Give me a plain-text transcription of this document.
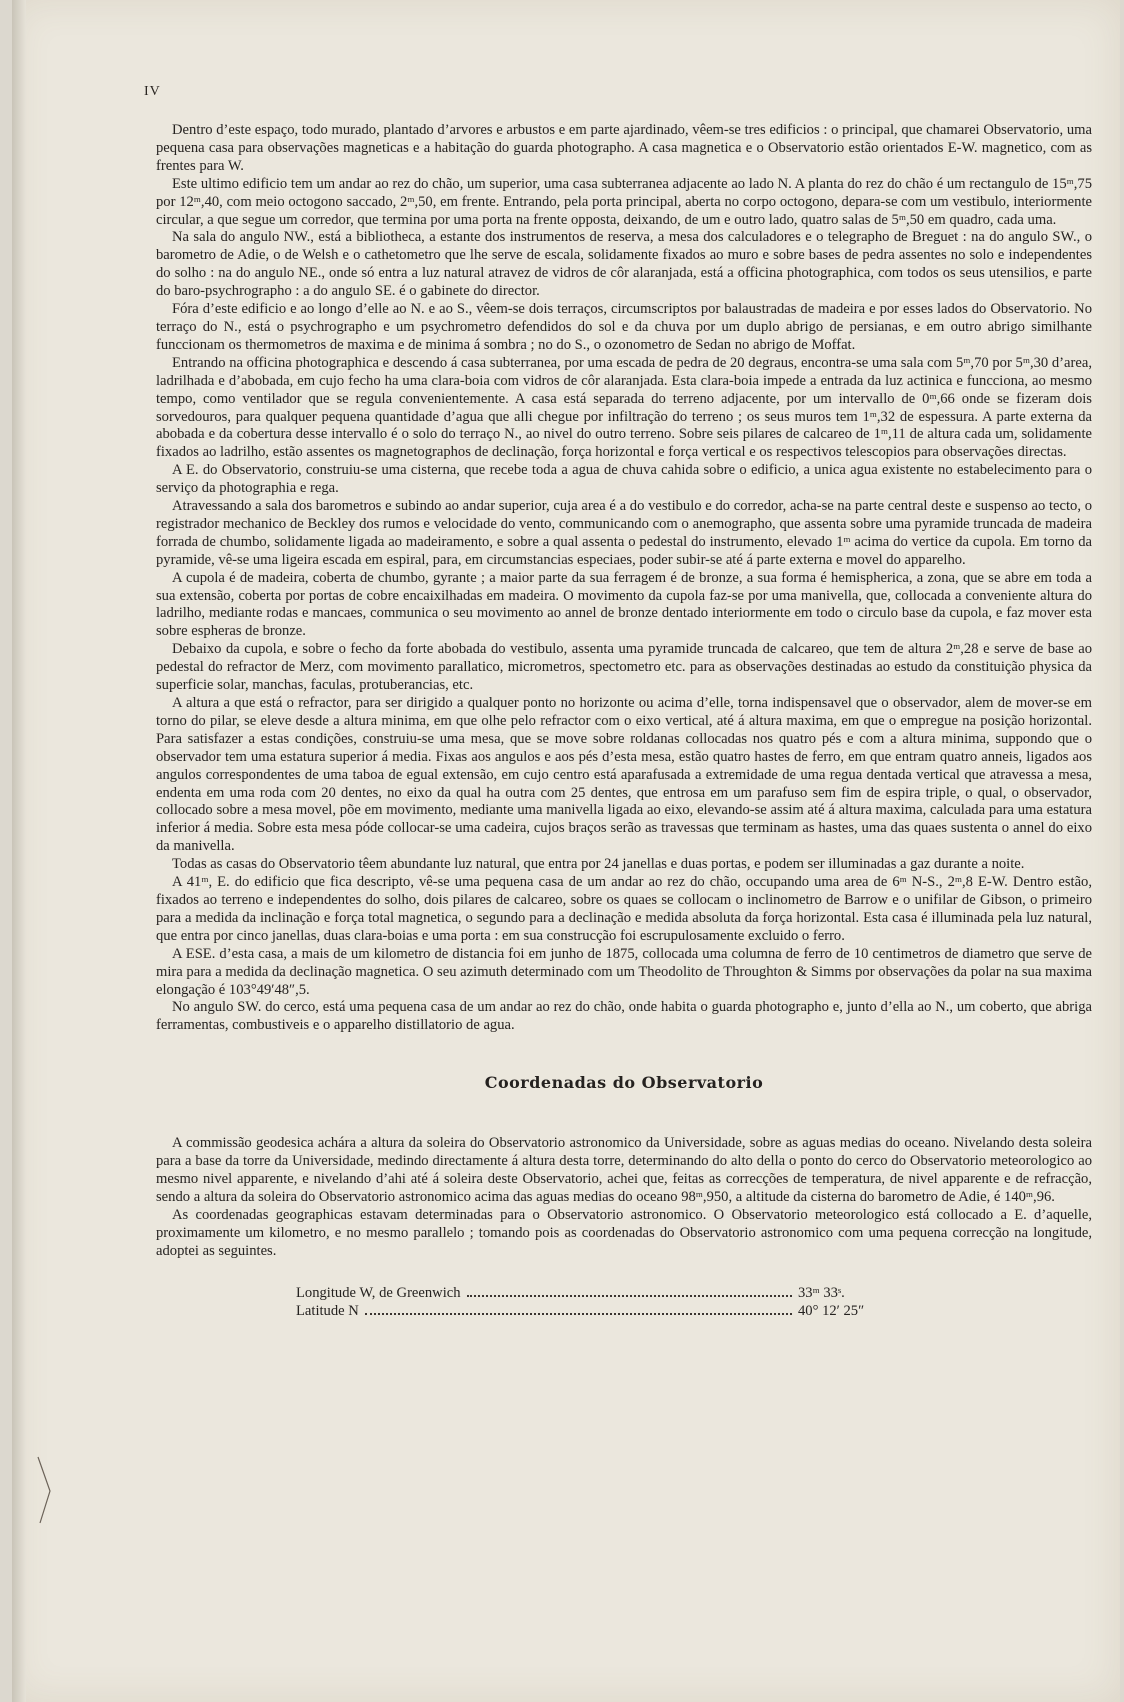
IV

Dentro d’este espaço, todo murado, plantado d’arvores e arbustos e em parte ajardinado, vêem-se tres edificios : o principal, que chamarei Observatorio, uma pequena casa para observações magneticas e a habitação do guarda photographo. A casa magnetica e o Observatorio estão orientados E-W. magnetico, com as frentes para W.

Este ultimo edificio tem um andar ao rez do chão, um superior, uma casa subterranea adjacente ao lado N. A planta do rez do chão é um rectangulo de 15ᵐ,75 por 12ᵐ,40, com meio octogono saccado, 2ᵐ,50, em frente. Entrando, pela porta principal, aberta no corpo octogono, depara-se com um vestibulo, interiormente circular, a que segue um corredor, que termina por uma porta na frente opposta, deixando, de um e outro lado, quatro salas de 5ᵐ,50 em quadro, cada uma.

Na sala do angulo NW., está a bibliotheca, a estante dos instrumentos de reserva, a mesa dos calculadores e o telegrapho de Breguet : na do angulo SW., o barometro de Adie, o de Welsh e o cathetometro que lhe serve de escala, solidamente fixados ao muro e sobre bases de pedra assentes no solo e independentes do solho : na do angulo NE., onde só entra a luz natural atravez de vidros de côr alaranjada, está a officina photographica, com todos os seus utensilios, e parte do baro-psychrographo : a do angulo SE. é o gabinete do director.

Fóra d’este edificio e ao longo d’elle ao N. e ao S., vêem-se dois terraços, circumscriptos por balaustradas de madeira e por esses lados do Observatorio. No terraço do N., está o psychrographo e um psychrometro defendidos do sol e da chuva por um duplo abrigo de persianas, e em outro abrigo similhante funccionam os thermometros de maxima e de minima á sombra ; no do S., o ozonometro de Sedan no abrigo de Moffat.

Entrando na officina photographica e descendo á casa subterranea, por uma escada de pedra de 20 degraus, encontra-se uma sala com 5ᵐ,70 por 5ᵐ,30 d’area, ladrilhada e d’abobada, em cujo fecho ha uma clara-boia com vidros de côr alaranjada. Esta clara-boia impede a entrada da luz actinica e funcciona, ao mesmo tempo, como ventilador que se regula convenientemente. A casa está separada do terreno adjacente, por um intervallo de 0ᵐ,66 onde se fizeram dois sorvedouros, para qualquer pequena quantidade d’agua que alli chegue por infiltração do terreno ; os seus muros tem 1ᵐ,32 de espessura. A parte externa da abobada e da cobertura desse intervallo é o solo do terraço N., ao nivel do outro terreno. Sobre seis pilares de calcareo de 1ᵐ,11 de altura cada um, solidamente fixados ao ladrilho, estão assentes os magnetographos de declinação, força horizontal e força vertical e os respectivos telescopios para observações directas.

A E. do Observatorio, construiu-se uma cisterna, que recebe toda a agua de chuva cahida sobre o edificio, a unica agua existente no estabelecimento para o serviço da photographia e rega.

Atravessando a sala dos barometros e subindo ao andar superior, cuja area é a do vestibulo e do corredor, acha-se na parte central deste e suspenso ao tecto, o registrador mechanico de Beckley dos rumos e velocidade do vento, communicando com o anemographo, que assenta sobre uma pyramide truncada de madeira forrada de chumbo, solidamente ligada ao madeiramento, e sobre a qual assenta o pedestal do instrumento, elevado 1ᵐ acima do vertice da cupola. Em torno da pyramide, vê-se uma ligeira escada em espiral, para, em circumstancias especiaes, poder subir-se até á parte externa e movel do apparelho.

A cupola é de madeira, coberta de chumbo, gyrante ; a maior parte da sua ferragem é de bronze, a sua forma é hemispherica, a zona, que se abre em toda a sua extensão, coberta por portas de cobre encaixilhadas em madeira. O movimento da cupola faz-se por uma manivella, que, collocada a conveniente altura do ladrilho, mediante rodas e mancaes, communica o seu movimento ao annel de bronze dentado interiormente em todo o circulo base da cupola, e faz mover esta sobre espheras de bronze.

Debaixo da cupola, e sobre o fecho da forte abobada do vestibulo, assenta uma pyramide truncada de calcareo, que tem de altura 2ᵐ,28 e serve de base ao pedestal do refractor de Merz, com movimento parallatico, micrometros, spectometro etc. para as observações destinadas ao estudo da constituição physica da superficie solar, manchas, faculas, protuberancias, etc.

A altura a que está o refractor, para ser dirigido a qualquer ponto no horizonte ou acima d’elle, torna indispensavel que o observador, alem de mover-se em torno do pilar, se eleve desde a altura minima, em que olhe pelo refractor com o eixo vertical, até á altura maxima, em que o empregue na posição horizontal. Para satisfazer a estas condições, construiu-se uma mesa, que se move sobre roldanas collocadas nos quatro pés e com a altura minima, suppondo que o observador tem uma estatura superior á media. Fixas aos angulos e aos pés d’esta mesa, estão quatro hastes de ferro, em que entram quatro anneis, ligados aos angulos correspondentes de uma taboa de egual extensão, em cujo centro está aparafusada a extremidade de uma regua dentada vertical que atravessa a mesa, endenta em uma roda com 20 dentes, no eixo da qual ha outra com 25 dentes, que entrosa em um parafuso sem fim de espira triple, o qual, o observador, collocado sobre a mesa movel, põe em movimento, mediante uma manivella ligada ao eixo, elevando-se assim até á altura maxima, calculada para uma estatura inferior á media. Sobre esta mesa póde collocar-se uma cadeira, cujos braços serão as travessas que terminam as hastes, uma das quaes sustenta o annel do eixo da manivella.

Todas as casas do Observatorio têem abundante luz natural, que entra por 24 janellas e duas portas, e podem ser illuminadas a gaz durante a noite.

A 41ᵐ, E. do edificio que fica descripto, vê-se uma pequena casa de um andar ao rez do chão, occupando uma area de 6ᵐ N-S., 2ᵐ,8 E-W. Dentro estão, fixados ao terreno e independentes do solho, dois pilares de calcareo, sobre os quaes se collocam o inclinometro de Barrow e o unifilar de Gibson, o primeiro para a medida da inclinação e força total magnetica, o segundo para a declinação e medida absoluta da força horizontal. Esta casa é illuminada pela luz natural, que entra por cinco janellas, duas clara-boias e uma porta : em sua construcção foi escrupulosamente excluido o ferro.

A ESE. d’esta casa, a mais de um kilometro de distancia foi em junho de 1875, collocada uma columna de ferro de 10 centimetros de diametro que serve de mira para a medida da declinação magnetica. O seu azimuth determinado com um Theodolito de Throughton & Simms por observações da polar na sua maxima elongação é 103°49′48″,5.

No angulo SW. do cerco, está uma pequena casa de um andar ao rez do chão, onde habita o guarda photographo e, junto d’ella ao N., um coberto, que abriga ferramentas, combustiveis e o apparelho distillatorio de agua.

Coordenadas do Observatorio

A commissão geodesica achára a altura da soleira do Observatorio astronomico da Universidade, sobre as aguas medias do oceano. Nivelando desta soleira para a base da torre da Universidade, medindo directamente á altura desta torre, determinando do alto della o ponto do cerco do Observatorio meteorologico ao mesmo nivel apparente, e nivelando d’ahi até á soleira deste Observatorio, achei que, feitas as correcções de temperatura, de nivel apparente e de refracção, sendo a altura da soleira do Observatorio astronomico acima das aguas medias do oceano 98ᵐ,950, a altitude da cisterna do barometro de Adie, é 140ᵐ,96.

As coordenadas geographicas estavam determinadas para o Observatorio astronomico. O Observatorio meteorologico está collocado a E. d’aquelle, proximamente um kilometro, e no mesmo parallelo ; tomando pois as coordenadas do Observatorio astronomico com uma pequena correcção na longitude, adoptei as seguintes.

Longitude W, de Greenwich	33ᵐ 33ˢ.
Latitude N	40° 12′ 25″
